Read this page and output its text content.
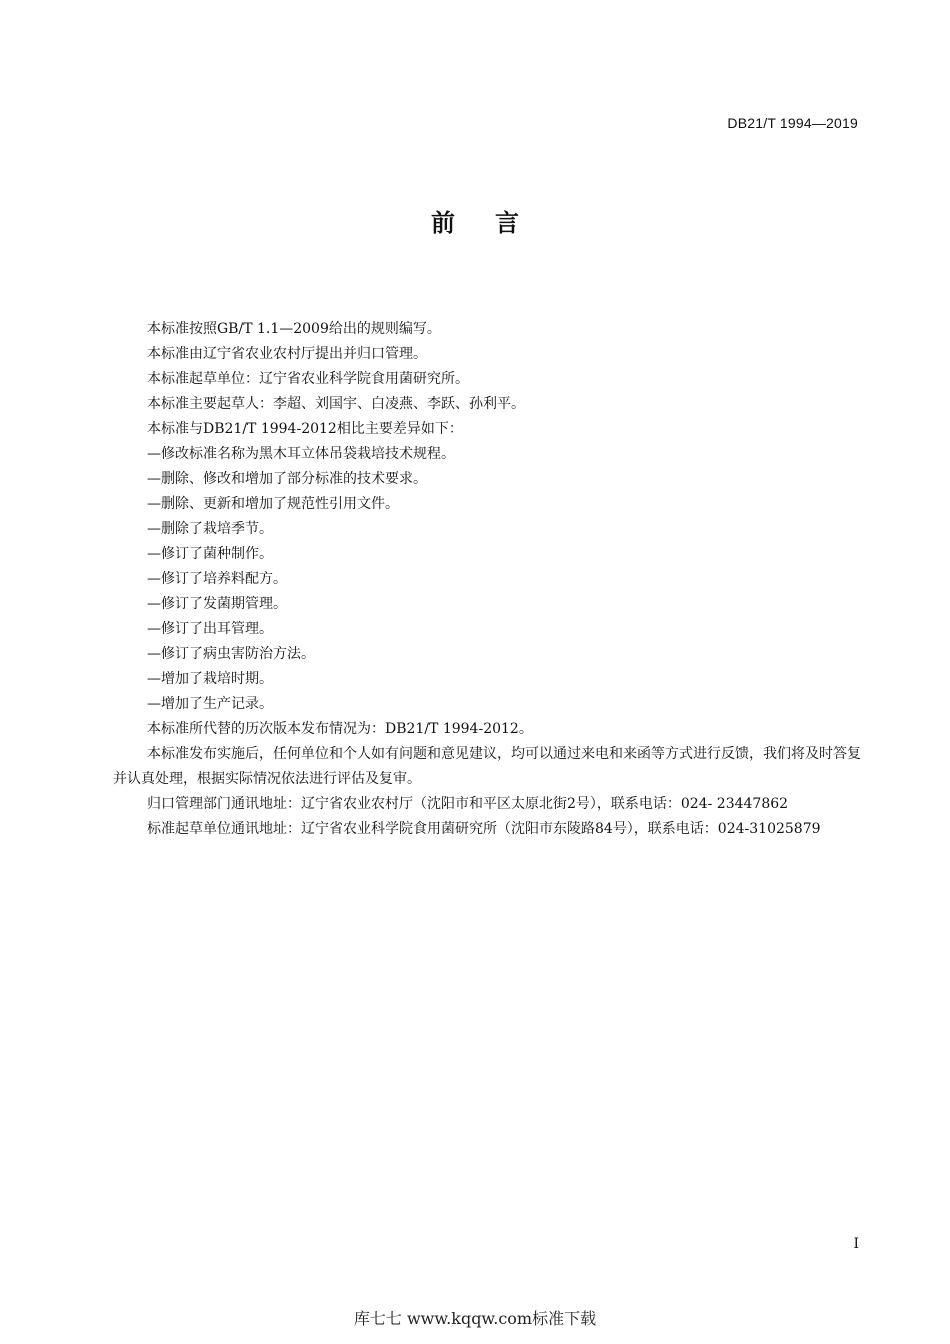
DB21/T 1994—2019
前言

本标准按照GB/T 1.1—2009给出的规则编写。

本标准由辽宁省农业农村厅提出并归口管理。

本标准起草单位：辽宁省农业科学院食用菌研究所。

本标准主要起草人：李超、刘国宇、白凌燕、李跃、孙利平。

本标准与DB21/T 1994-2012相比主要差异如下：

—修改标准名称为黑木耳立体吊袋栽培技术规程。

—删除、修改和增加了部分标准的技术要求。

—删除、更新和增加了规范性引用文件。

—删除了栽培季节。

—修订了菌种制作。

—修订了培养料配方。

—修订了发菌期管理。

—修订了出耳管理。

—修订了病虫害防治方法。

—增加了栽培时期。

—增加了生产记录。

本标准所代替的历次版本发布情况为：DB21/T 1994-2012。

本标准发布实施后，任何单位和个人如有问题和意见建议，均可以通过来电和来函等方式进行反馈，我们将及时答复并认真处理，根据实际情况依法进行评估及复审。

归口管理部门通讯地址：辽宁省农业农村厅（沈阳市和平区太原北街2号），联系电话：024- 23447862

标准起草单位通讯地址：辽宁省农业科学院食用菌研究所（沈阳市东陵路84号），联系电话：024-31025879

I
库七七 www.kqqw.com标准下载
